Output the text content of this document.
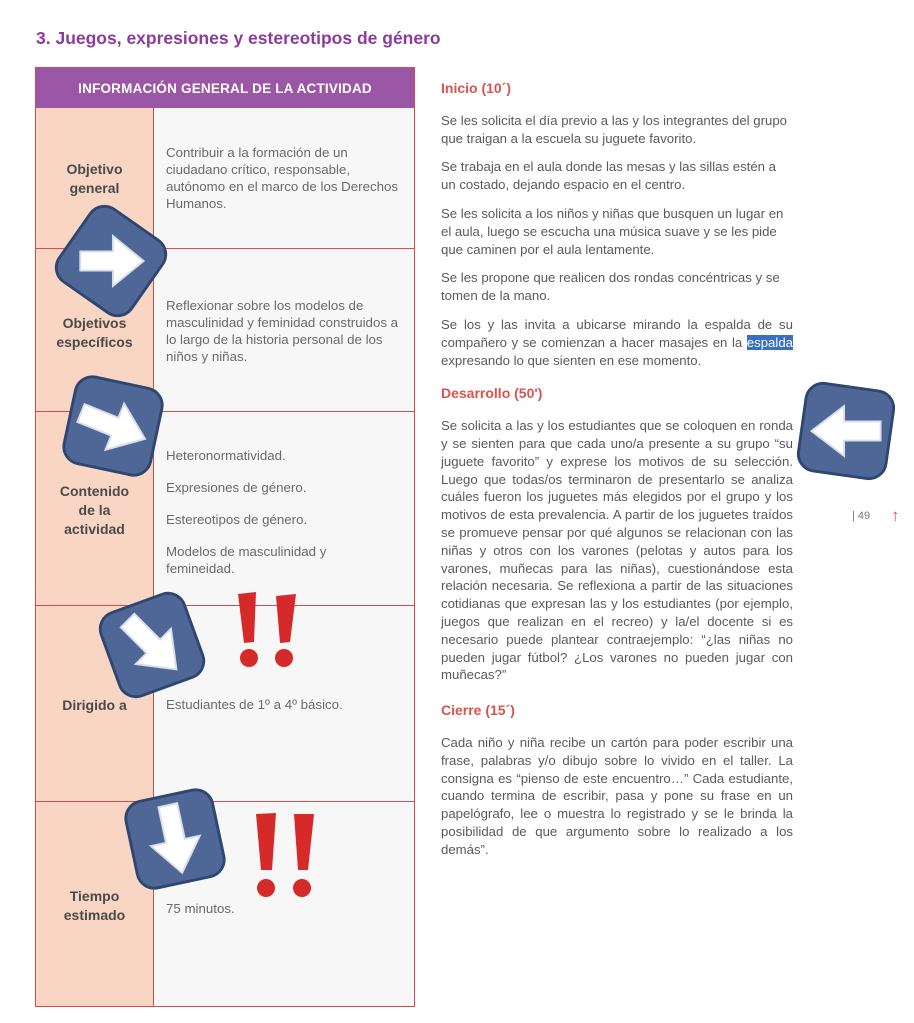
3. Juegos, expresiones y estereotipos de género
INFORMACIÓN GENERAL DE LA ACTIVIDAD
Objetivo
general

Contribuir a la formación de un ciudadano crítico, responsable, autónomo en el marco de los Derechos Humanos.

Objetivos
específicos

Reflexionar sobre los modelos de masculinidad y feminidad construidos a lo largo de la historia personal de los niños y niñas.

Contenido
de la
actividad

Heteronormatividad.

Expresiones de género.

Estereotipos de género.

Modelos de masculinidad y femineidad.

Dirigido a	Estudiantes de 1º a 4º básico.

Tiempo
estimado	75 minutos.

Inicio (10´)

Se les solicita el día previo a las y los integrantes del grupo que traigan a la escuela su juguete favorito.

Se trabaja en el aula donde las mesas y las sillas estén a un costado, dejando espacio en el centro.

Se les solicita a los niños y niñas que busquen un lugar en el aula, luego se escucha una música suave y se les pide que caminen por el aula lentamente.

Se les propone que realicen dos rondas concéntricas y se tomen de la mano.

Se los y las invita a ubicarse mirando la espalda de su compañero y se comienzan a hacer masajes en la espalda expresando lo que sienten en ese momento.

Desarrollo (50')

Se solicita a las y los estudiantes que se coloquen en ronda y se sienten para que cada uno/a presente a su grupo “su juguete favorito” y exprese los motivos de su selección. Luego que todas/os terminaron de presentarlo se analiza cuáles fueron los juguetes más elegidos por el grupo y los motivos de esta prevalencia. A partir de los juguetes traídos se promueve pensar por qué algunos se relacionan con las niñas y otros con los varones (pelotas y autos para los varones, muñecas para las niñas), cuestionándose esta relación necesaria. Se reflexiona a partir de las situaciones cotidianas que expresan las y los estudiantes (por ejemplo, juegos que realizan en el recreo) y la/el docente si es necesario puede plantear contraejemplo: “¿las niñas no pueden jugar fútbol? ¿Los varones no pueden jugar con muñecas?”

Cierre (15´)

Cada niño y niña recibe un cartón para poder escribir una frase, palabras y/o dibujo sobre lo vivido en el taller. La consigna es “pienso de este encuentro…” Cada estudiante, cuando termina de escribir, pasa y pone su frase en un papelógrafo, lee o muestra lo registrado y se le brinda la posibilidad de que argumento sobre lo realizado a los demás”.

| 49 ↑
